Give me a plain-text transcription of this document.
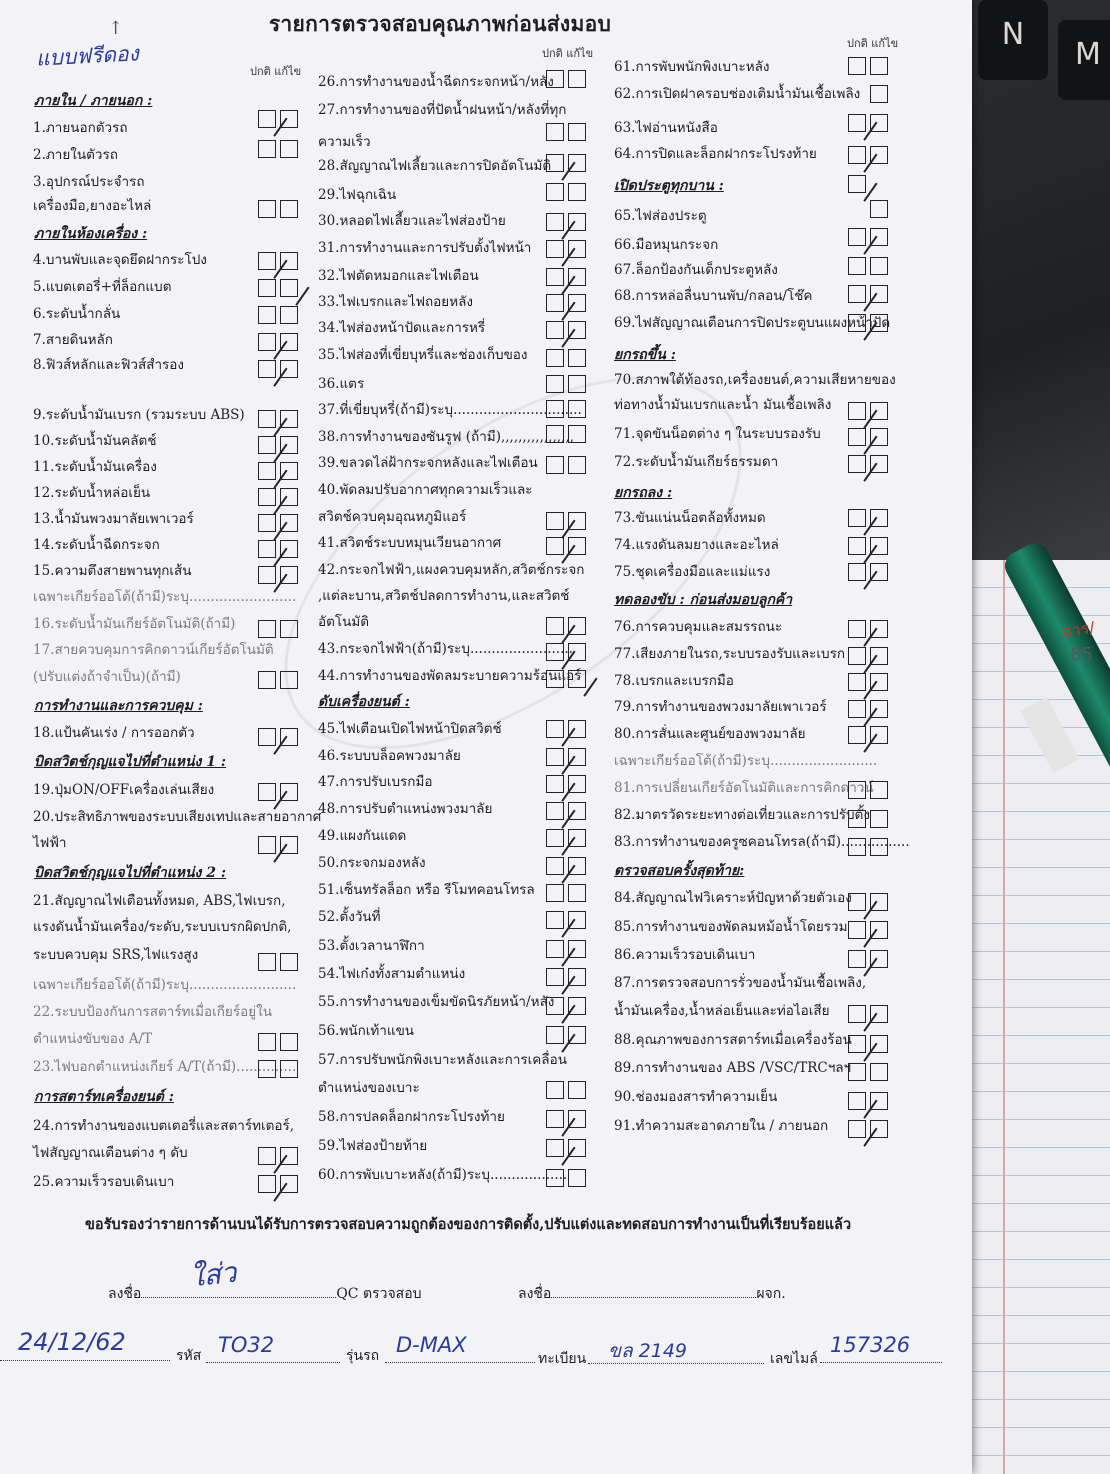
N
M
ลาร/
85
รายการตรวจสอบคุณภาพก่อนส่งมอบ
↑
แบบฟรีดอง
ปกติ แก้ไข
ปกติ แก้ไข
ปกติ แก้ไข
ภายใน / ภายนอก :
1.ภายนอกตัวรถ
2.ภายในตัวรถ
3.อุปกรณ์ประจำรถ
เครื่องมือ,ยางอะไหล่
ภายในห้องเครื่อง :
4.บานพับและจุดยึดฝากระโปง
5.แบตเตอรี่+ที่ล็อกแบต
6.ระดับน้ำกลั่น
7.สายดินหลัก
8.ฟิวส์หลักและฟิวส์สำรอง
9.ระดับน้ำมันเบรก (รวมระบบ ABS)
10.ระดับน้ำมันคลัตช์
11.ระดับน้ำมันเครื่อง
12.ระดับน้ำหล่อเย็น
13.น้ำมันพวงมาลัยเพาเวอร์
14.ระดับน้ำฉีดกระจก
15.ความตึงสายพานทุกเส้น
เฉพาะเกียร์ออโต้(ถ้ามี)ระบุ.........................
16.ระดับน้ำมันเกียร์อัตโนมัติ(ถ้ามี)
17.สายควบคุมการคิกดาวน์เกียร์อัตโนมัติ
(ปรับแต่งถ้าจำเป็น)(ถ้ามี)
การทำงานและการควบคุม :
18.แป้นคันเร่ง / การออกตัว
บิดสวิตช์กุญแจไปที่ตำแหน่ง 1 :
19.ปุ่มON/OFFเครื่องเล่นเสียง
20.ประสิทธิภาพของระบบเสียงเทปและสายอากาศ
ไฟฟ้า
บิดสวิตช์กุญแจไปที่ตำแหน่ง 2 :
21.สัญญาณไฟเตือนทั้งหมด, ABS,ไฟเบรก,
แรงดันน้ำมันเครื่อง/ระดับ,ระบบเบรกผิดปกติ,
ระบบควบคุม SRS,ไฟแรงสูง
เฉพาะเกียร์ออโต้(ถ้ามี)ระบุ.........................
22.ระบบป้องกันการสตาร์ทเมื่อเกียร์อยู่ใน
ตำแหน่งขับของ A/T
23.ไฟบอกตำแหน่งเกียร์ A/T(ถ้ามี)..............
การสตาร์ทเครื่องยนต์ :
24.การทำงานของแบตเตอรี่และสตาร์ทเตอร์,
ไฟสัญญาณเตือนต่าง ๆ ดับ
25.ความเร็วรอบเดินเบา
26.การทำงานของน้ำฉีดกระจกหน้า/หลัง
27.การทำงานของที่ปัดน้ำฝนหน้า/หลังที่ทุก
ความเร็ว
28.สัญญาณไฟเลี้ยวและการปิดอัตโนมัติ
29.ไฟฉุกเฉิน
30.หลอดไฟเลี้ยวและไฟส่องป้าย
31.การทำงานและการปรับตั้งไฟหน้า
32.ไฟตัดหมอกและไฟเตือน
33.ไฟเบรกและไฟถอยหลัง
34.ไฟส่องหน้าปัดและการหรี่
35.ไฟส่องที่เขี่ยบุหรี่และช่องเก็บของ
36.แตร
37.ที่เขี่ยบุหรี่(ถ้ามี)ระบุ..............................
38.การทำงานของซันรูฟ (ถ้ามี),,,,,,,,,,,,,,,,,
39.ขลวดไล่ฝ้ากระจกหลังและไฟเตือน
40.พัดลมปรับอากาศทุกความเร็วและ
สวิตช์ควบคุมอุณหภูมิแอร์
41.สวิตช์ระบบหมุนเวียนอากาศ
42.กระจกไฟฟ้า,แผงควบคุมหลัก,สวิตช์กระจก
,แต่ละบาน,สวิตช์ปลดการทำงาน,และสวิตช์
อัตโนมัติ
43.กระจกไฟฟ้า(ถ้ามี)ระบุ........................
44.การทำงานของพัดลมระบายความร้อนแอร์
ดับเครื่องยนต์ :
45.ไฟเตือนเปิดไฟหน้าปิดสวิตช์
46.ระบบบล็อคพวงมาลัย
47.การปรับเบรกมือ
48.การปรับตำแหน่งพวงมาลัย
49.แผงกันแดด
50.กระจกมองหลัง
51.เซ็นทรัลล็อก หรือ รีโมทคอนโทรล
52.ตั้งวันที่
53.ตั้งเวลานาฬิกา
54.ไฟเก๋งทั้งสามตำแหน่ง
55.การทำงานของเข็มขัดนิรภัยหน้า/หลัง
56.พนักเท้าแขน
57.การปรับพนักพิงเบาะหลังและการเคลื่อน
ตำแหน่งของเบาะ
58.การปลดล็อกฝากระโปรงท้าย
59.ไฟส่องป้ายท้าย
60.การพับเบาะหลัง(ถ้ามี)ระบุ..................
61.การพับพนักพิงเบาะหลัง
62.การเปิดฝาครอบช่องเติมน้ำมันเชื้อเพลิง
63.ไฟอ่านหนังสือ
64.การปิดและล็อกฝากระโปรงท้าย
เปิดประตูทุกบาน :
65.ไฟส่องประตู
66.มือหมุนกระจก
67.ล็อกป้องกันเด็กประตูหลัง
68.การหล่อลื่นบานพับ/กลอน/โช๊ค
69.ไฟสัญญาณเตือนการปิดประตูบนแผงหน้าปัด
ยกรถขึ้น :
70.สภาพใต้ท้องรถ,เครื่องยนต์,ความเสียหายของ
ท่อทางน้ำมันเบรกและน้ำ มันเชื้อเพลิง
71.จุดขันน็อตต่าง ๆ ในระบบรองรับ
72.ระดับน้ำมันเกียร์ธรรมดา
ยกรถลง :
73.ขันแน่นน็อตล้อทั้งหมด
74.แรงดันลมยางและอะไหล่
75.ชุดเครื่องมือและแม่แรง
ทดลองขับ : ก่อนส่งมอบลูกค้า
76.การควบคุมและสมรรถนะ
77.เสียงภายในรถ,ระบบรองรับและเบรก
78.เบรกและเบรกมือ
79.การทำงานของพวงมาลัยเพาเวอร์
80.การสั่นและศูนย์ของพวงมาลัย
เฉพาะเกียร์ออโต้(ถ้ามี)ระบุ.........................
81.การเปลี่ยนเกียร์อัตโนมัติและการคิกดาวน์
82.มาตรวัดระยะทางต่อเที่ยวและการปรับตั้ง
83.การทำงานของครูซคอนโทรล(ถ้ามี)................
ตรวจสอบครั้งสุดท้าย:
84.สัญญาณไฟวิเคราะห์ปัญหาด้วยตัวเอง
85.การทำงานของพัดลมหม้อน้ำโดยรวม
86.ความเร็วรอบเดินเบา
87.การตรวจสอบการรั่วของน้ำมันเชื้อเพลิง,
น้ำมันเครื่อง,น้ำหล่อเย็นและท่อไอเสีย
88.คุณภาพของการสตาร์ทเมื่อเครื่องร้อน
89.การทำงานของ ABS /VSC/TRCฯลฯ
90.ช่องมองสารทำความเย็น
91.ทำความสะอาดภายใน / ภายนอก
ขอรับรองว่ารายการด้านบนได้รับการตรวจสอบความถูกต้องของการติดตั้ง,ปรับแต่งและทดสอบการทำงานเป็นที่เรียบร้อยแล้ว
ใส่ว
ลงชื่อ	QC ตรวจสอบ	ลงชื่อ	ผจก.
24/12/62	รหัส TO32	รุ่นรถ D-MAX
ทะเบียน ขล 2149	เลขไมล์
157326
